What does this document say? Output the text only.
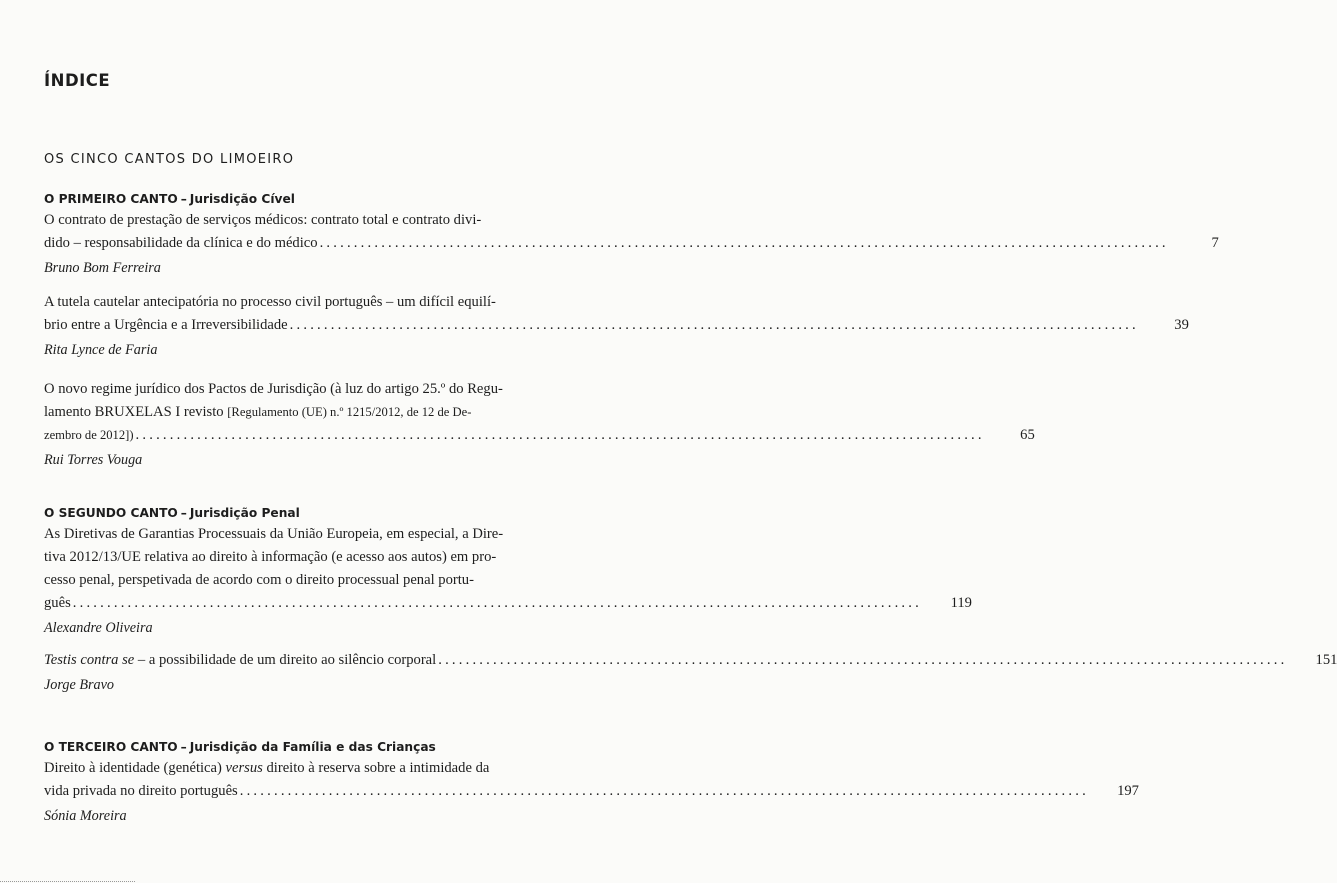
ÍNDICE
OS CINCO CANTOS DO LIMOEIRO
O PRIMEIRO CANTO – Jurisdição Cível
O contrato de prestação de serviços médicos: contrato total e contrato divi-
dido – responsabilidade da clínica e do médico ............................................................................................................................	7
Bruno Bom Ferreira
A tutela cautelar antecipatória no processo civil português – um difícil equilí-
brio entre a Urgência e a Irreversibilidade ............................................................................................................................	39
Rita Lynce de Faria
O novo regime jurídico dos Pactos de Jurisdição (à luz do artigo 25.º do Regu-
lamento BRUXELAS I revisto [Regulamento (UE) n.º 1215/2012, de 12 de De-
zembro de 2012]) ............................................................................................................................	65
Rui Torres Vouga
O SEGUNDO CANTO – Jurisdição Penal
As Diretivas de Garantias Processuais da União Europeia, em especial, a Dire-
tiva 2012/13/UE relativa ao direito à informação (e acesso aos autos) em pro-
cesso penal, perspetivada de acordo com o direito processual penal portu-
guês ............................................................................................................................	119
Alexandre Oliveira
Testis contra se – a possibilidade de um direito ao silêncio corporal ............................................................................................................................	151
Jorge Bravo
O TERCEIRO CANTO – Jurisdição da Família e das Crianças
Direito à identidade (genética) versus direito à reserva sobre a intimidade da
vida privada no direito português ............................................................................................................................	197
Sónia Moreira
